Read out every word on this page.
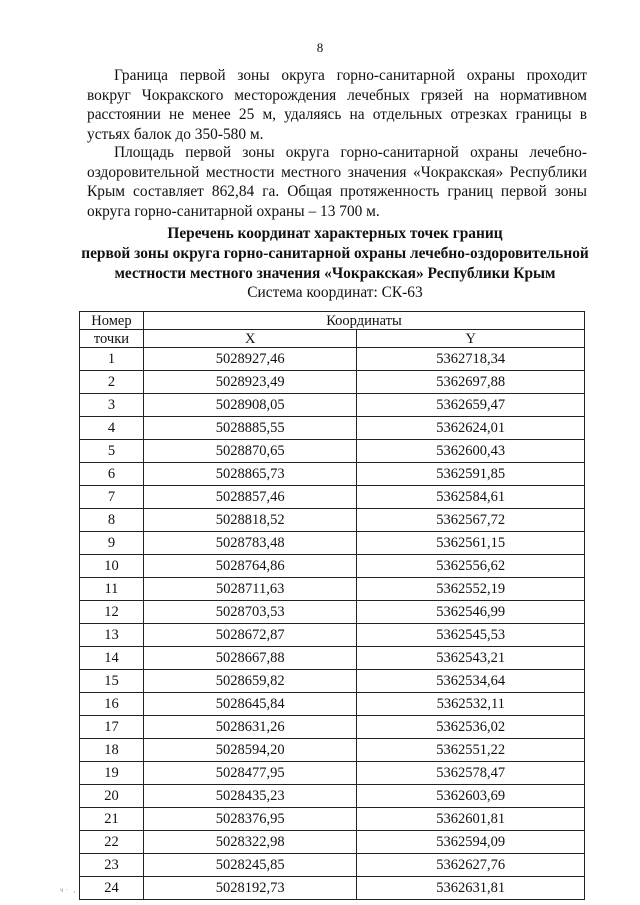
8

Граница первой зоны округа горно-санитарной охраны проходит вокруг Чокракского месторождения лечебных грязей на нормативном расстоянии не менее 25 м, удаляясь на отдельных отрезках границы в устьях балок до 350-580 м.

Площадь первой зоны округа горно-санитарной охраны лечебно-оздоровительной местности местного значения «Чокракская» Республики Крым составляет 862,84 га. Общая протяженность границ первой зоны округа горно-санитарной охраны – 13 700 м.

Перечень координат характерных точек границ
первой зоны округа горно-санитарной охраны лечебно-оздоровительной
местности местного значения «Чокракская» Республики Крым
Система координат: СК-63
Номер	Координаты	
точки	X	Y
1	5028927,46	5362718,34
2	5028923,49	5362697,88
3	5028908,05	5362659,47
4	5028885,55	5362624,01
5	5028870,65	5362600,43
6	5028865,73	5362591,85
7	5028857,46	5362584,61
8	5028818,52	5362567,72
9	5028783,48	5362561,15
10	5028764,86	5362556,62
11	5028711,63	5362552,19
12	5028703,53	5362546,99
13	5028672,87	5362545,53
14	5028667,88	5362543,21
15	5028659,82	5362534,64
16	5028645,84	5362532,11
17	5028631,26	5362536,02
18	5028594,20	5362551,22
19	5028477,95	5362578,47
20	5028435,23	5362603,69
21	5028376,95	5362601,81
22	5028322,98	5362594,09
23	5028245,85	5362627,76
24	5028192,73	5362631,81
ч· ,
